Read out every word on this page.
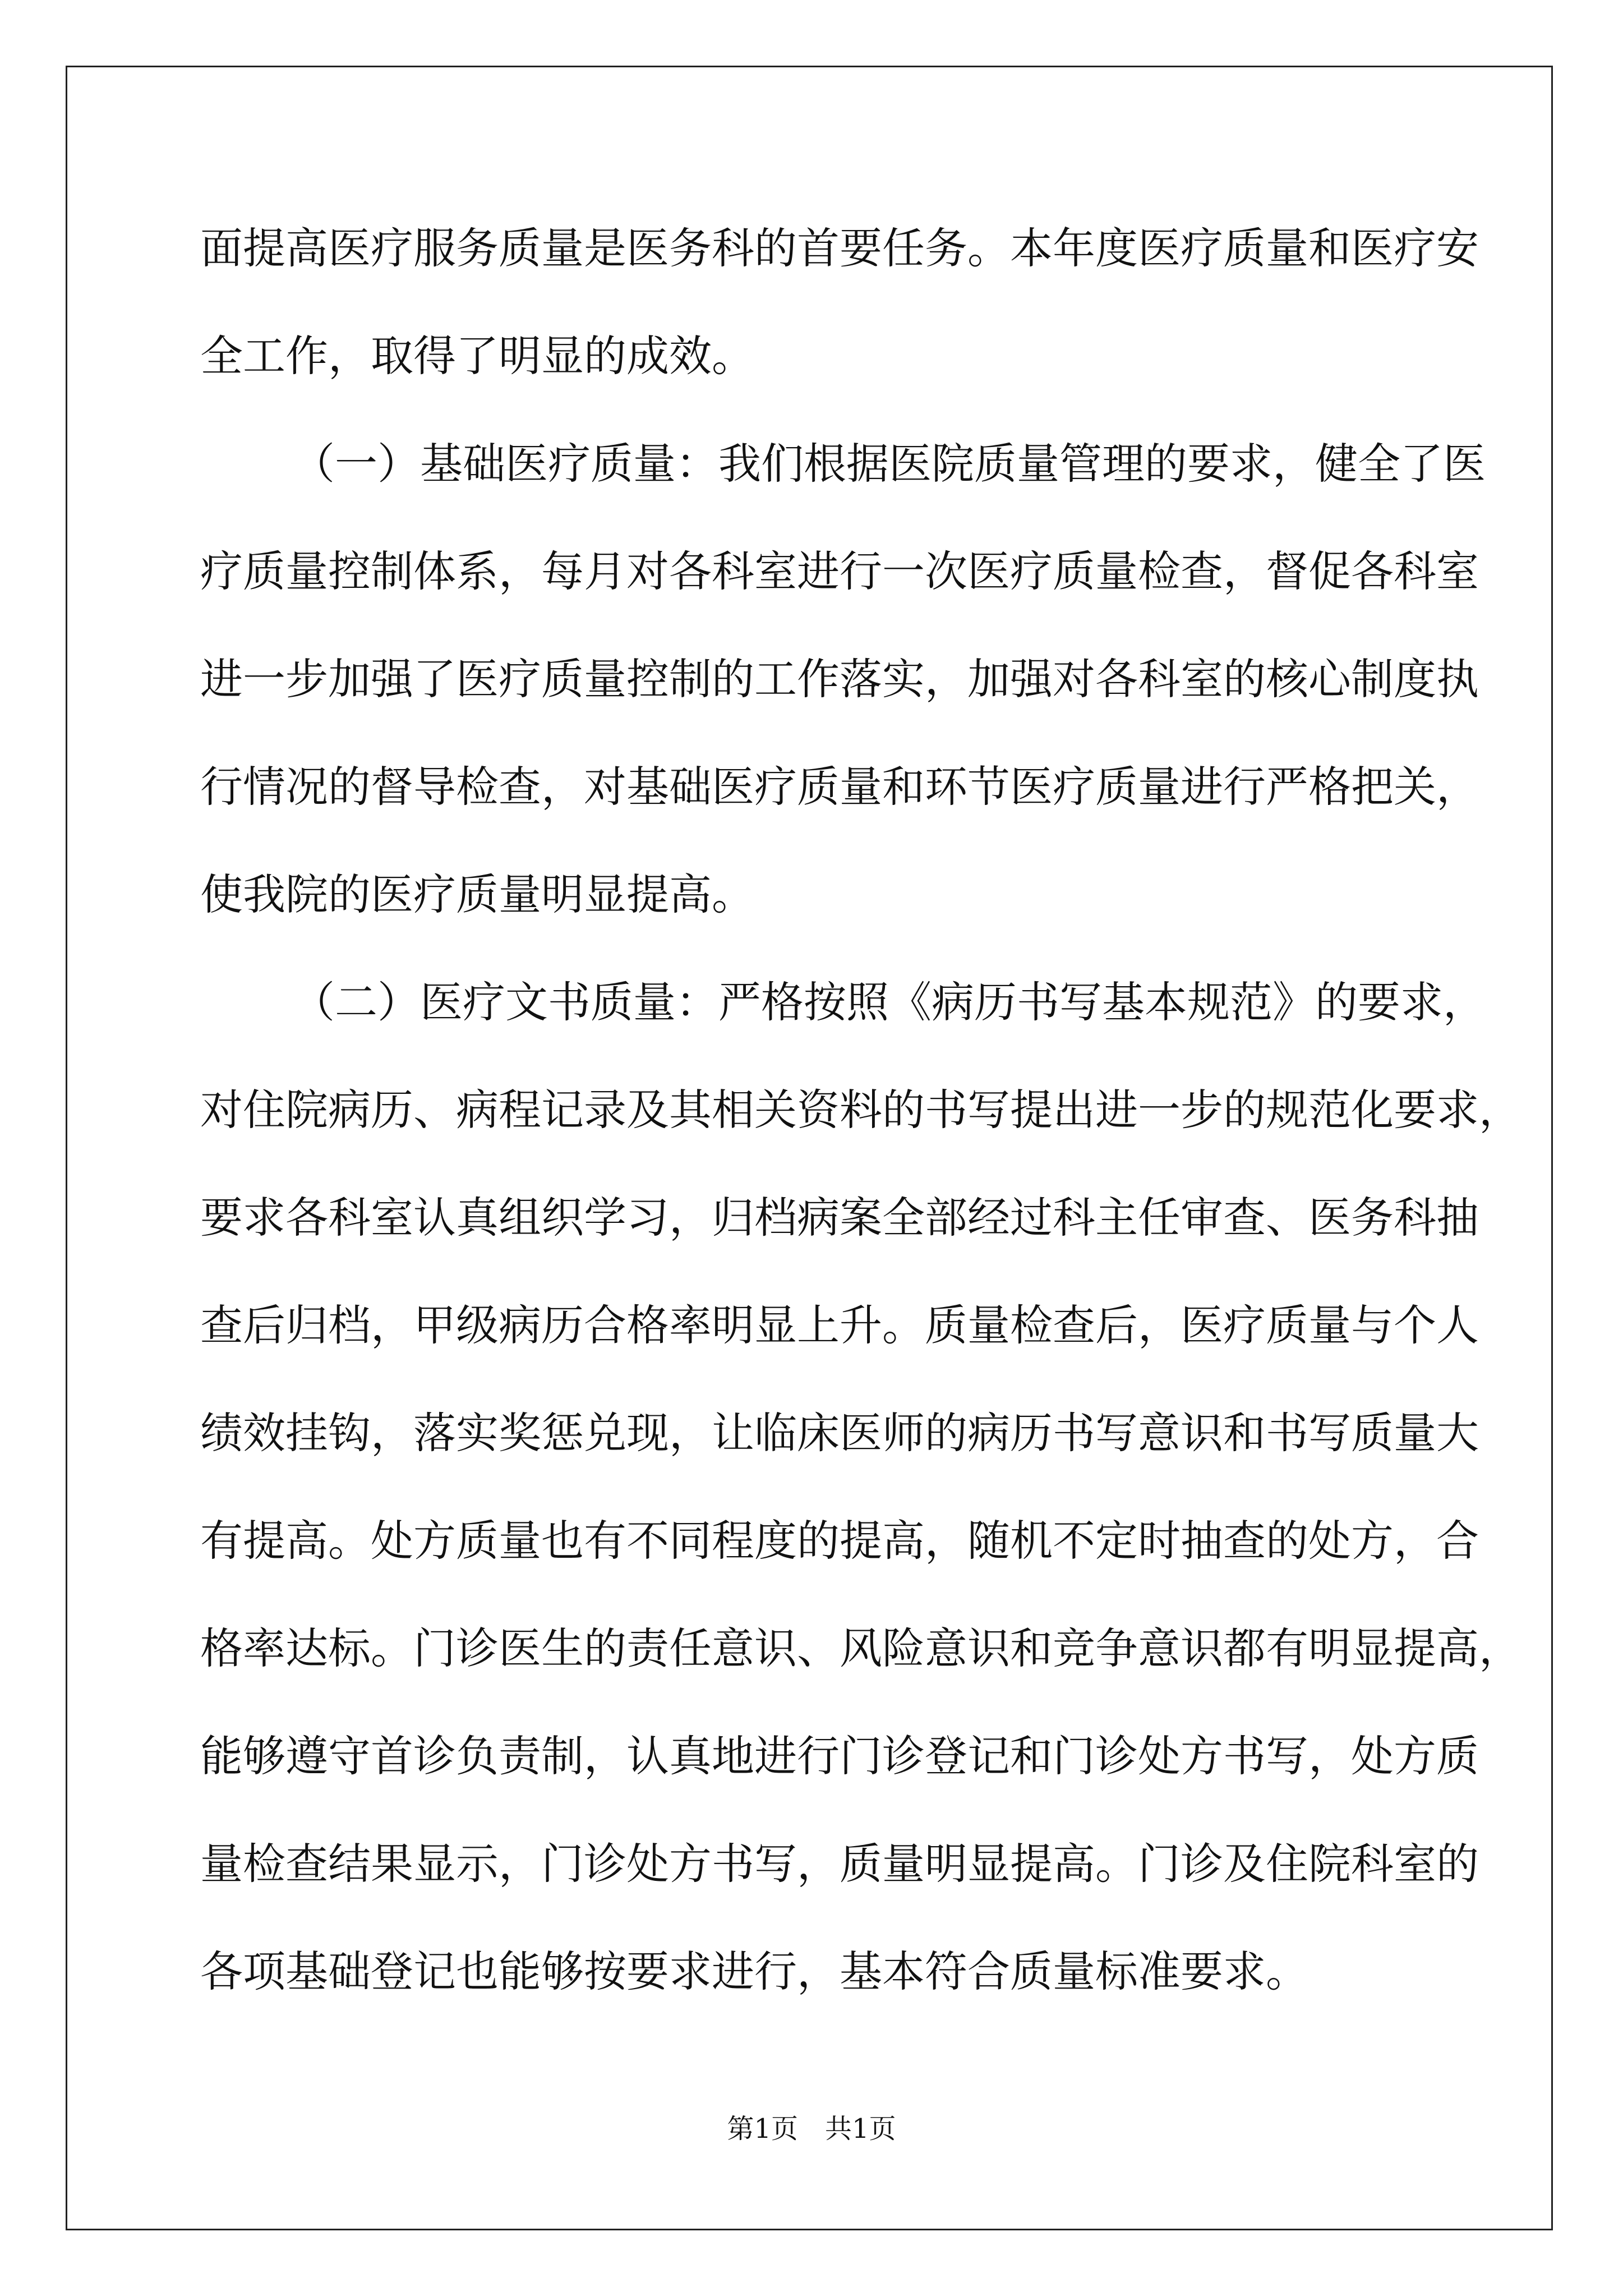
面提高医疗服务质量是医务科的首要任务。本年度医疗质量和医疗安
全工作，取得了明显的成效。
（一）基础医疗质量：我们根据医院质量管理的要求，健全了医
疗质量控制体系，每月对各科室进行一次医疗质量检查，督促各科室
进一步加强了医疗质量控制的工作落实，加强对各科室的核心制度执
行情况的督导检查，对基础医疗质量和环节医疗质量进行严格把关，
使我院的医疗质量明显提高。
（二）医疗文书质量：严格按照《病历书写基本规范》的要求，
对住院病历、病程记录及其相关资料的书写提出进一步的规范化要求，
要求各科室认真组织学习，归档病案全部经过科主任审查、医务科抽
查后归档，甲级病历合格率明显上升。质量检查后，医疗质量与个人
绩效挂钩，落实奖惩兑现，让临床医师的病历书写意识和书写质量大
有提高。处方质量也有不同程度的提高，随机不定时抽查的处方，合
格率达标。门诊医生的责任意识、风险意识和竞争意识都有明显提高，
能够遵守首诊负责制，认真地进行门诊登记和门诊处方书写，处方质
量检查结果显示，门诊处方书写，质量明显提高。门诊及住院科室的
各项基础登记也能够按要求进行，基本符合质量标准要求。
第1页 共1页
